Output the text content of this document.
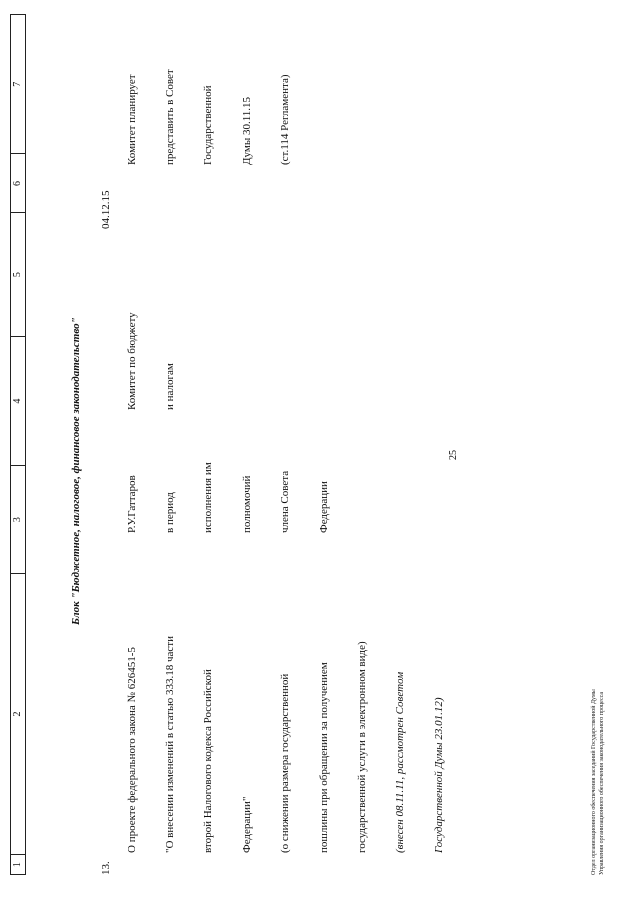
1
2
3
4
5
6
7
25
Блок "Бюджетное, налоговое, финансовое законодательство"
13.

О проекте федерального закона № 626451-5

"О внесении изменений в статью 333.18 части

второй Налогового кодекса Российской

Федерации"

(о снижении размера государственной

пошлины при обращении за получением

государственной услуги в электронном виде)

(внесен 08.11.11, рассмотрен Советом

Государственной Думы 23.01.12)

Р.У.Гаттаров

в период

исполнения им

полномочий

члена Совета

Федерации

Комитет по бюджету

и налогам

04.12.15

Комитет планирует

представить в Совет

Государственной

Думы 30.11.15

(ст.114 Регламента)

Отдел организационного обеспечения заседаний Государственной Думы Управления организационного обеспечения законодательного процесса
